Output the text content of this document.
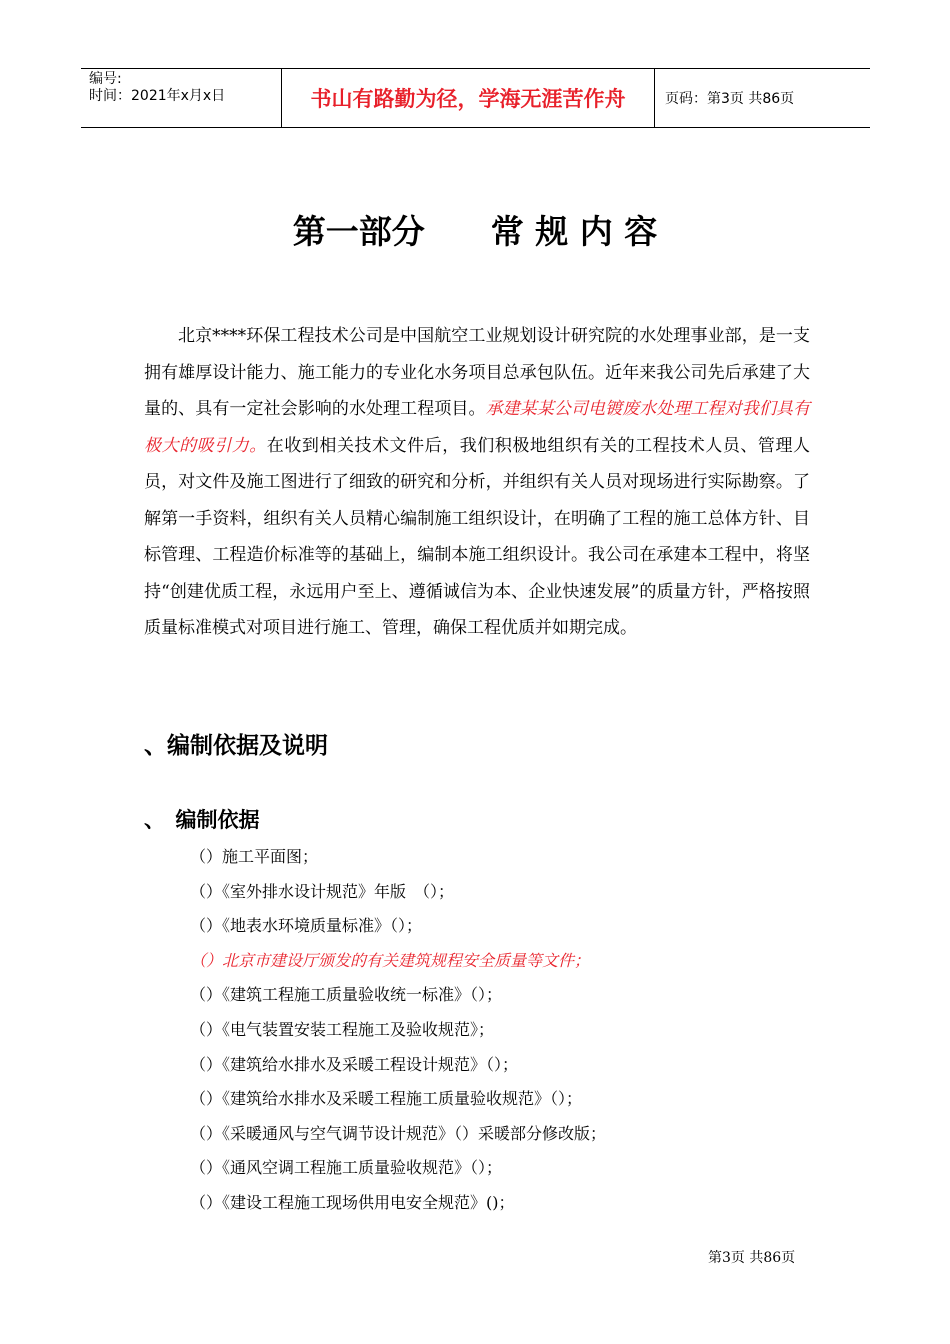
编号:
时间：2021年x月x日	书山有路勤为径，学海无涯苦作舟	页码：第3页 共86页
第一部分　　常 规 内 容

北京****环保工程技术公司是中国航空工业规划设计研究院的水处理事业部，是一支拥有雄厚设计能力、施工能力的专业化水务项目总承包队伍。近年来我公司先后承建了大量的、具有一定社会影响的水处理工程项目。承建某某公司电镀废水处理工程对我们具有极大的吸引力。在收到相关技术文件后，我们积极地组织有关的工程技术人员、管理人员，对文件及施工图进行了细致的研究和分析，并组织有关人员对现场进行实际勘察。了解第一手资料，组织有关人员精心编制施工组织设计，在明确了工程的施工总体方针、目标管理、工程造价标准等的基础上，编制本施工组织设计。我公司在承建本工程中，将坚持“创建优质工程，永远用户至上、遵循诚信为本、企业快速发展”的质量方针，严格按照质量标准模式对项目进行施工、管理，确保工程优质并如期完成。

、编制依据及说明
、　编制依据
（）施工平面图；
（）《室外排水设计规范》年版　（）；
（）《地表水环境质量标准》（）；
（）北京市建设厅颁发的有关建筑规程安全质量等文件；
（）《建筑工程施工质量验收统一标准》（）；
（）《电气装置安装工程施工及验收规范》；
（）《建筑给水排水及采暖工程设计规范》（）；
（）《建筑给水排水及采暖工程施工质量验收规范》（）；
（）《采暖通风与空气调节设计规范》（）采暖部分修改版；
（）《通风空调工程施工质量验收规范》（）；
（）《建设工程施工现场供用电安全规范》()；
第3页 共86页
